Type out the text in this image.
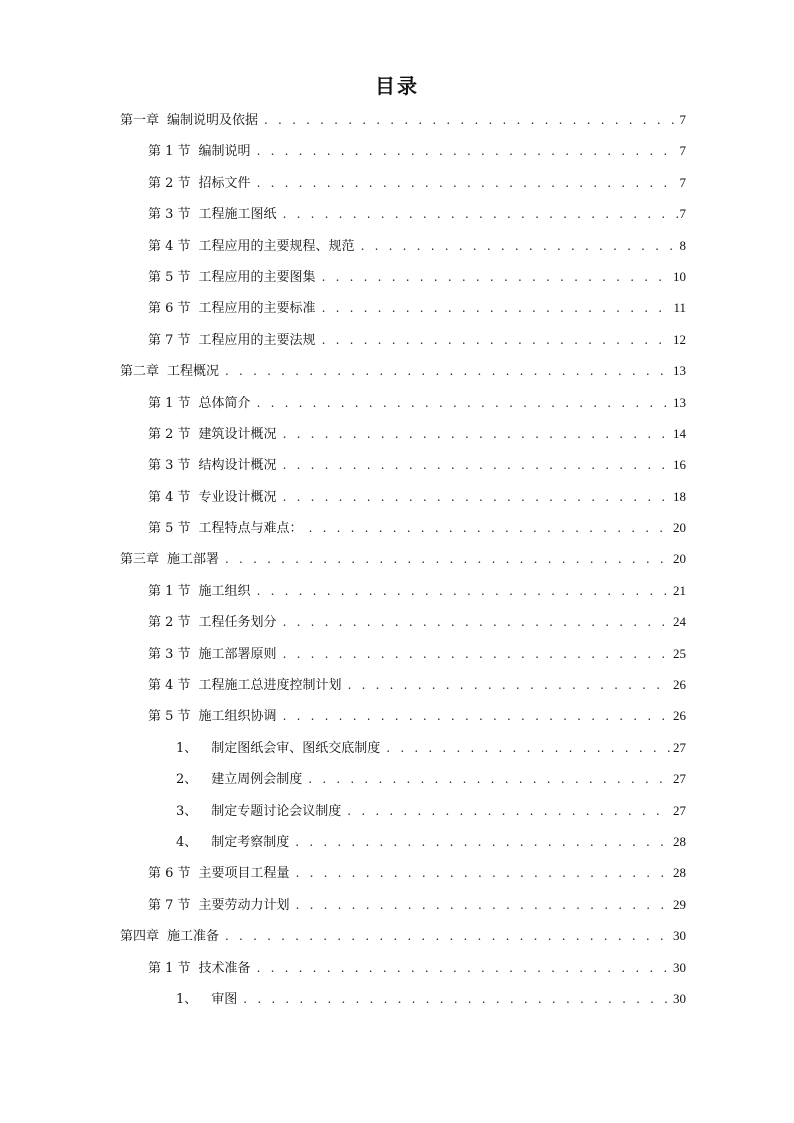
目录
第一章 编制说明及依据 . . .	7
第 1 节 编制说明 . . .	7
第 2 节 招标文件 . . .	7
第 3 节 工程施工图纸 . . .	7
第 4 节 工程应用的主要规程、规范 . . .	8
第 5 节 工程应用的主要图集 . . .	10
第 6 节 工程应用的主要标准 . . .	11
第 7 节 工程应用的主要法规 . . .	12
第二章 工程概况 . . .	13
第 1 节 总体简介 . . .	13
第 2 节 建筑设计概况 . . .	14
第 3 节 结构设计概况 . . .	16
第 4 节 专业设计概况 . . .	18
第 5 节 工程特点与难点： . . .	20
第三章 施工部署 . . .	20
第 1 节 施工组织 . . .	21
第 2 节 工程任务划分 . . .	24
第 3 节 施工部署原则 . . .	25
第 4 节 工程施工总进度控制计划 . . .	26
第 5 节 施工组织协调 . . .	26
1、 制定图纸会审、图纸交底制度 . . .	27
2、 建立周例会制度 . . .	27
3、 制定专题讨论会议制度 . . .	27
4、 制定考察制度 . . .	28
第 6 节 主要项目工程量 . . .	28
第 7 节 主要劳动力计划 . . .	29
第四章 施工准备 . . .	30
第 1 节 技术准备 . . .	30
1、 审图 . . .	30
